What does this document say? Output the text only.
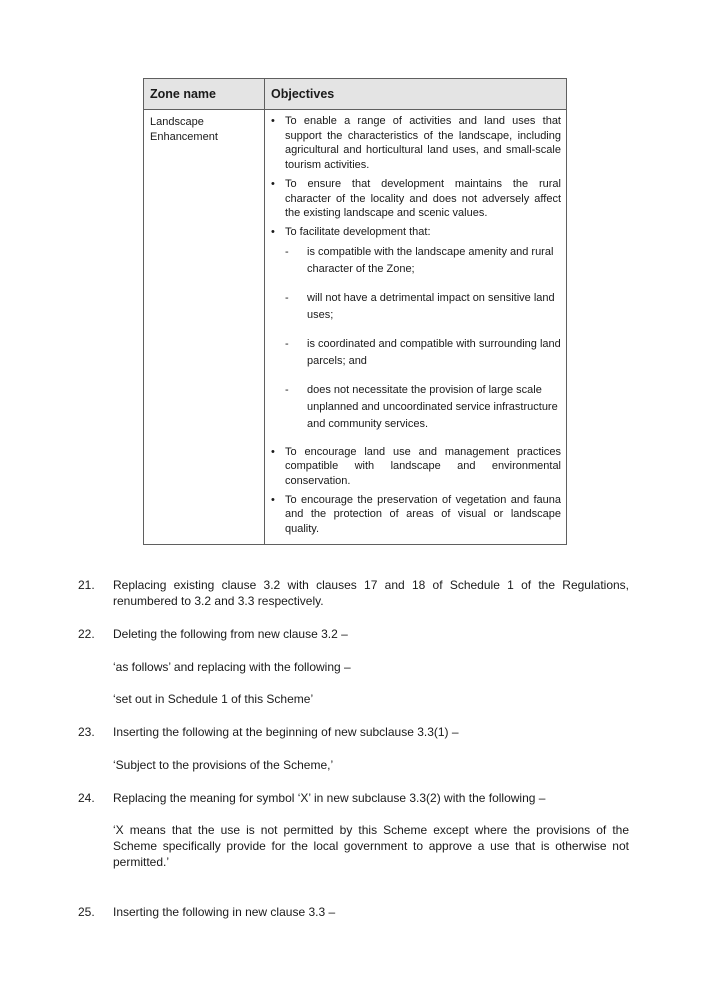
Zone name	Objectives
Landscape Enhancement
• To enable a range of activities and land uses that support the characteristics of the landscape, including agricultural and horticultural land uses, and small-scale tourism activities.
• To ensure that development maintains the rural character of the locality and does not adversely affect the existing landscape and scenic values.
• To facilitate development that:
- is compatible with the landscape amenity and rural character of the Zone;
- will not have a detrimental impact on sensitive land uses;
- is coordinated and compatible with surrounding land parcels; and
- does not necessitate the provision of large scale unplanned and uncoordinated service infrastructure and community services.
• To encourage land use and management practices compatible with landscape and environmental conservation.
• To encourage the preservation of vegetation and fauna and the protection of areas of visual or landscape quality.
21. Replacing existing clause 3.2 with clauses 17 and 18 of Schedule 1 of the Regulations, renumbered to 3.2 and 3.3 respectively.
22. Deleting the following from new clause 3.2 –
‘as follows’ and replacing with the following –
‘set out in Schedule 1 of this Scheme’
23. Inserting the following at the beginning of new subclause 3.3(1) –
‘Subject to the provisions of the Scheme,’
24. Replacing the meaning for symbol ‘X’ in new subclause 3.3(2) with the following –
‘X means that the use is not permitted by this Scheme except where the provisions of the Scheme specifically provide for the local government to approve a use that is otherwise not permitted.’
25. Inserting the following in new clause 3.3 –
